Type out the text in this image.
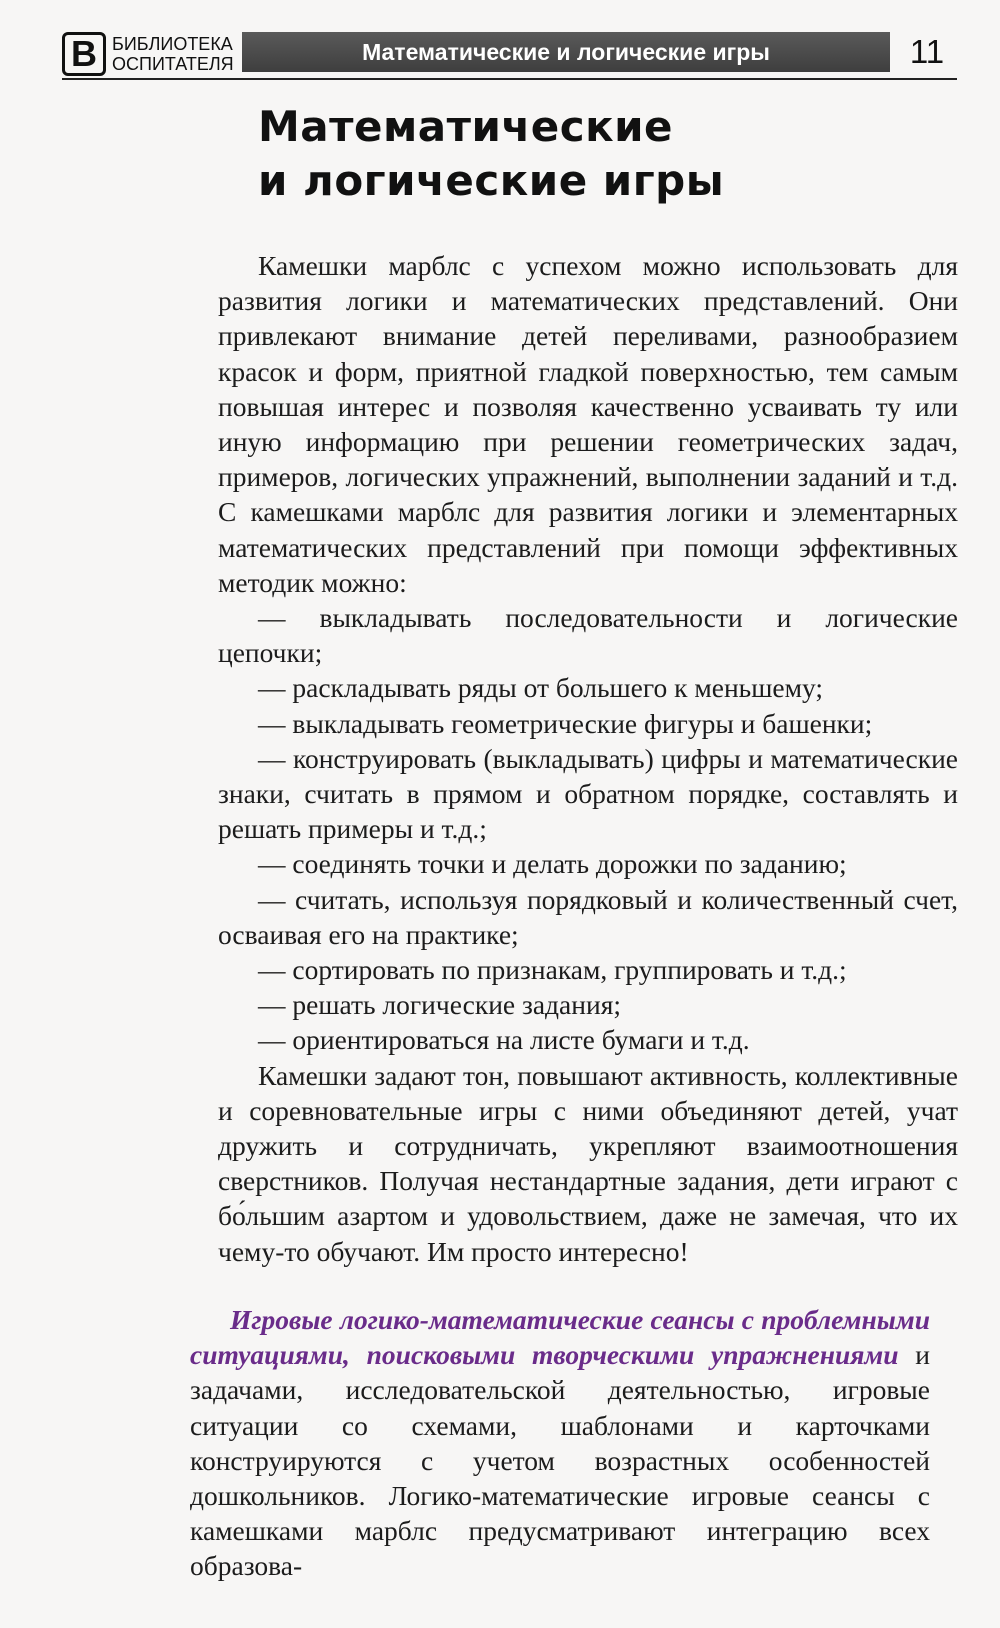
В БИБЛИОТЕКА
ОСПИТАТЕЛЯ	Математические и логические игры	11
Математические
и логические игры

Камешки марблс с успехом можно использовать для развития логики и математических представлений. Они привлекают внимание детей переливами, разнообразием красок и форм, приятной гладкой поверхностью, тем самым повышая интерес и позволяя качественно усваивать ту или иную информацию при решении геометрических задач, примеров, логических упражнений, выполнении заданий и т.д. С камешками марблс для развития логики и элементарных математических представлений при помощи эффективных методик можно:

— выкладывать последовательности и логические цепочки;

— раскладывать ряды от большего к меньшему;

— выкладывать геометрические фигуры и башенки;

— конструировать (выкладывать) цифры и математические знаки, считать в прямом и обратном порядке, составлять и решать примеры и т.д.;

— соединять точки и делать дорожки по заданию;

— считать, используя порядковый и количественный счет, осваивая его на практике;

— сортировать по признакам, группировать и т.д.;

— решать логические задания;

— ориентироваться на листе бумаги и т.д.

Камешки задают тон, повышают активность, коллективные и соревновательные игры с ними объединяют детей, учат дружить и сотрудничать, укрепляют взаимоотношения сверстников. Получая нестандартные задания, дети играют с бо́льшим азартом и удовольствием, даже не замечая, что их чему-то обучают. Им просто интересно!

Игровые логико-математические сеансы с проблемными ситуациями, поисковыми творческими упражнениями и задачами, исследовательской деятельностью, игровые ситуации со схемами, шаблонами и карточками конструируются с учетом возрастных особенностей дошкольников. Логико-математические игровые сеансы с камешками марблс предусматривают интеграцию всех образова-
